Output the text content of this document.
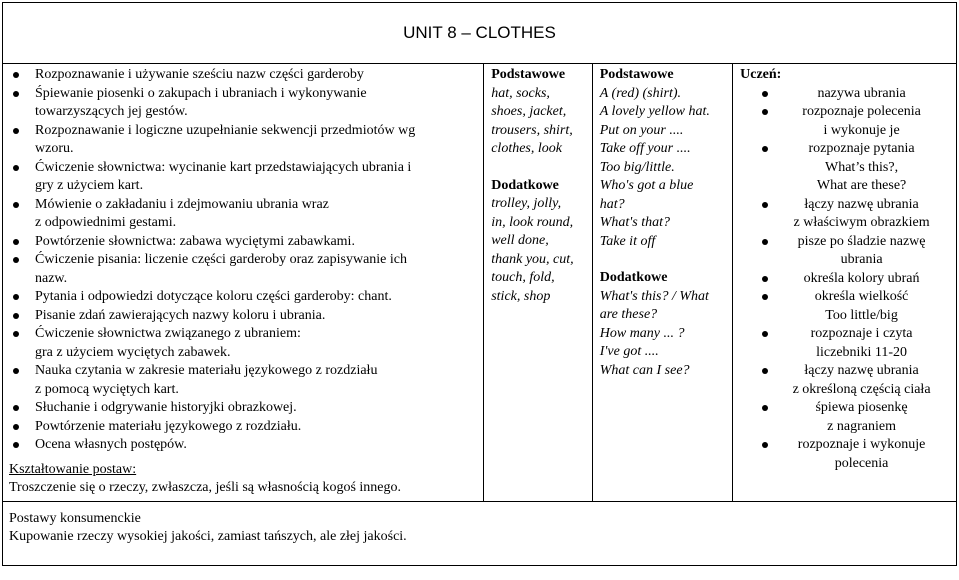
UNIT 8 – CLOTHES

Rozpoznawanie i używanie sześciu nazw części garderoby
Śpiewanie piosenki o zakupach i ubraniach i wykonywanie
towarzyszących jej gestów.
Rozpoznawanie i logiczne uzupełnianie sekwencji przedmiotów wg
wzoru.
Ćwiczenie słownictwa: wycinanie kart przedstawiających ubrania i
gry z użyciem kart.
Mówienie o zakładaniu i zdejmowaniu ubrania wraz
z odpowiednimi gestami.
Powtórzenie słownictwa: zabawa wyciętymi zabawkami.
Ćwiczenie pisania: liczenie części garderoby oraz zapisywanie ich
nazw.
Pytania i odpowiedzi dotyczące koloru części garderoby: chant.
Pisanie zdań zawierających nazwy koloru i ubrania.
Ćwiczenie słownictwa związanego z ubraniem:
gra z użyciem wyciętych zabawek.
Nauka czytania w zakresie materiału językowego z rozdziału
z pomocą wyciętych kart.
Słuchanie i odgrywanie historyjki obrazkowej.
Powtórzenie materiału językowego z rozdziału.
Ocena własnych postępów.
Kształtowanie postaw:
Troszczenie się o rzeczy, zwłaszcza, jeśli są własnością kogoś innego.

Podstawowe
hat, socks,
shoes, jacket,
trousers, shirt,
clothes, look
Dodatkowe
trolley, jolly,
in, look round,
well done,
thank you, cut,
touch, fold,
stick, shop

Podstawowe
A (red) (shirt).
A lovely yellow hat.
Put on your ....
Take off your ....
Too big/little.
Who's got a blue
hat?
What's that?
Take it off
Dodatkowe
What's this? / What
are these?
How many ... ?
I've got ....
What can I see?

Uczeń:
nazywa ubrania
rozpoznaje polecenia
i wykonuje je
rozpoznaje pytania
What’s this?,
What are these?
łączy nazwę ubrania
z właściwym obrazkiem
pisze po śladzie nazwę
ubrania
określa kolory ubrań
określa wielkość
Too little/big
rozpoznaje i czyta
liczebniki 11-20
łączy nazwę ubrania
z określoną częścią ciała
śpiewa piosenkę
z nagraniem
rozpoznaje i wykonuje
polecenia

Postawy konsumenckie
Kupowanie rzeczy wysokiej jakości, zamiast tańszych, ale złej jakości.
